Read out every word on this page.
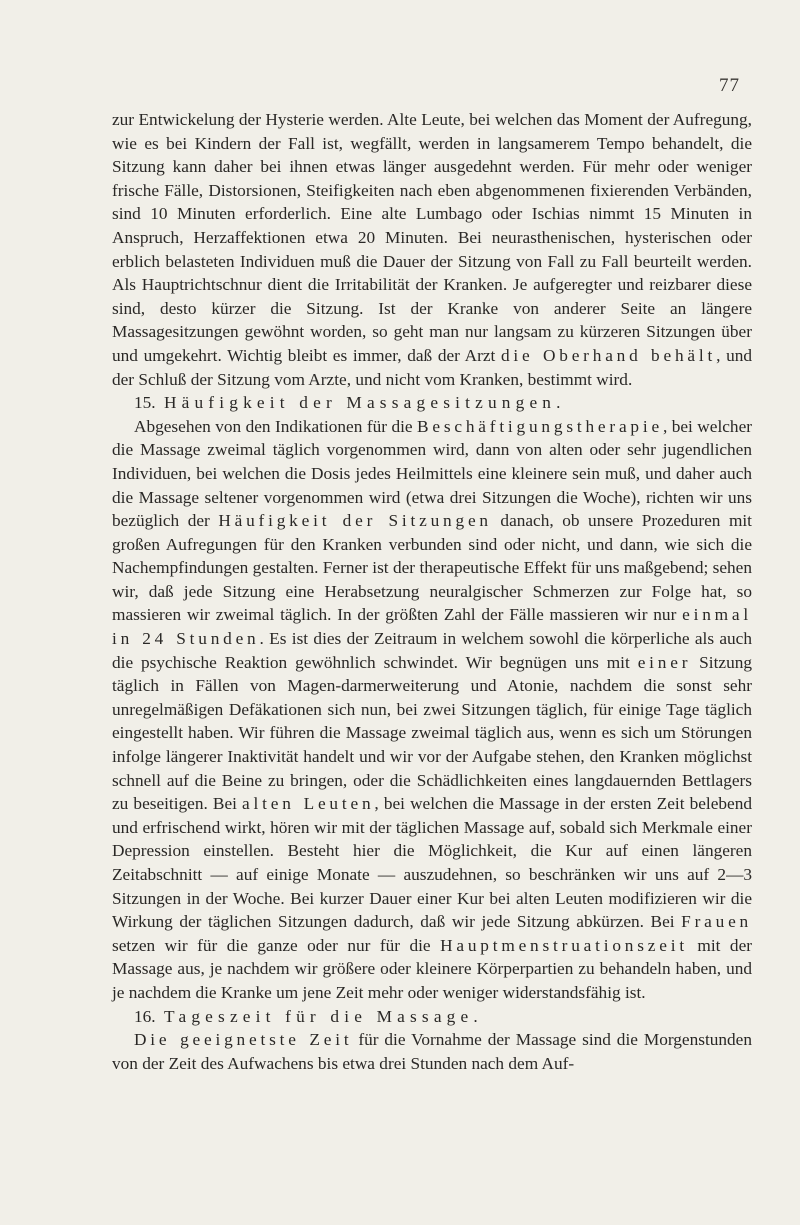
77

zur Entwickelung der Hysterie werden. Alte Leute, bei welchen das Moment der Aufregung, wie es bei Kindern der Fall ist, wegfällt, werden in langsamerem Tempo behandelt, die Sitzung kann daher bei ihnen etwas länger ausgedehnt werden. Für mehr oder weniger frische Fälle, Distorsionen, Steifigkeiten nach eben abgenommenen fixierenden Verbänden, sind 10 Minuten erforderlich. Eine alte Lumbago oder Ischias nimmt 15 Minuten in Anspruch, Herzaffektionen etwa 20 Minuten. Bei neurasthenischen, hysterischen oder erblich belasteten Individuen muß die Dauer der Sitzung von Fall zu Fall beurteilt werden. Als Hauptrichtschnur dient die Irritabilität der Kranken. Je aufgeregter und reizbarer diese sind, desto kürzer die Sitzung. Ist der Kranke von anderer Seite an längere Massagesitzungen gewöhnt worden, so geht man nur langsam zu kürzeren Sitzungen über und umgekehrt. Wichtig bleibt es immer, daß der Arzt die Oberhand behält, und der Schluß der Sitzung vom Arzte, und nicht vom Kranken, bestimmt wird.

15. Häufigkeit der Massagesitzungen.

Abgesehen von den Indikationen für die Beschäftigungstherapie, bei welcher die Massage zweimal täglich vorgenommen wird, dann von alten oder sehr jugendlichen Individuen, bei welchen die Dosis jedes Heilmittels eine kleinere sein muß, und daher auch die Massage seltener vorgenommen wird (etwa drei Sitzungen die Woche), richten wir uns bezüglich der Häufigkeit der Sitzungen danach, ob unsere Prozeduren mit großen Aufregungen für den Kranken verbunden sind oder nicht, und dann, wie sich die Nachempfindungen gestalten. Ferner ist der therapeutische Effekt für uns maßgebend; sehen wir, daß jede Sitzung eine Herabsetzung neuralgischer Schmerzen zur Folge hat, so massieren wir zweimal täglich. In der größten Zahl der Fälle massieren wir nur einmal in 24 Stunden. Es ist dies der Zeitraum in welchem sowohl die körperliche als auch die psychische Reaktion gewöhnlich schwindet. Wir begnügen uns mit einer Sitzung täglich in Fällen von Magen-darmerweiterung und Atonie, nachdem die sonst sehr unregelmäßigen Defäkationen sich nun, bei zwei Sitzungen täglich, für einige Tage täglich eingestellt haben. Wir führen die Massage zweimal täglich aus, wenn es sich um Störungen infolge längerer Inaktivität handelt und wir vor der Aufgabe stehen, den Kranken möglichst schnell auf die Beine zu bringen, oder die Schädlichkeiten eines langdauernden Bettlagers zu beseitigen. Bei alten Leuten, bei welchen die Massage in der ersten Zeit belebend und erfrischend wirkt, hören wir mit der täglichen Massage auf, sobald sich Merkmale einer Depression einstellen. Besteht hier die Möglichkeit, die Kur auf einen längeren Zeitabschnitt — auf einige Monate — auszudehnen, so beschränken wir uns auf 2—3 Sitzungen in der Woche. Bei kurzer Dauer einer Kur bei alten Leuten modifizieren wir die Wirkung der täglichen Sitzungen dadurch, daß wir jede Sitzung abkürzen. Bei Frauen setzen wir für die ganze oder nur für die Hauptmenstruationszeit mit der Massage aus, je nachdem wir größere oder kleinere Körperpartien zu behandeln haben, und je nachdem die Kranke um jene Zeit mehr oder weniger widerstandsfähig ist.

16. Tageszeit für die Massage.

Die geeignetste Zeit für die Vornahme der Massage sind die Morgenstunden von der Zeit des Aufwachens bis etwa drei Stunden nach dem Auf-
